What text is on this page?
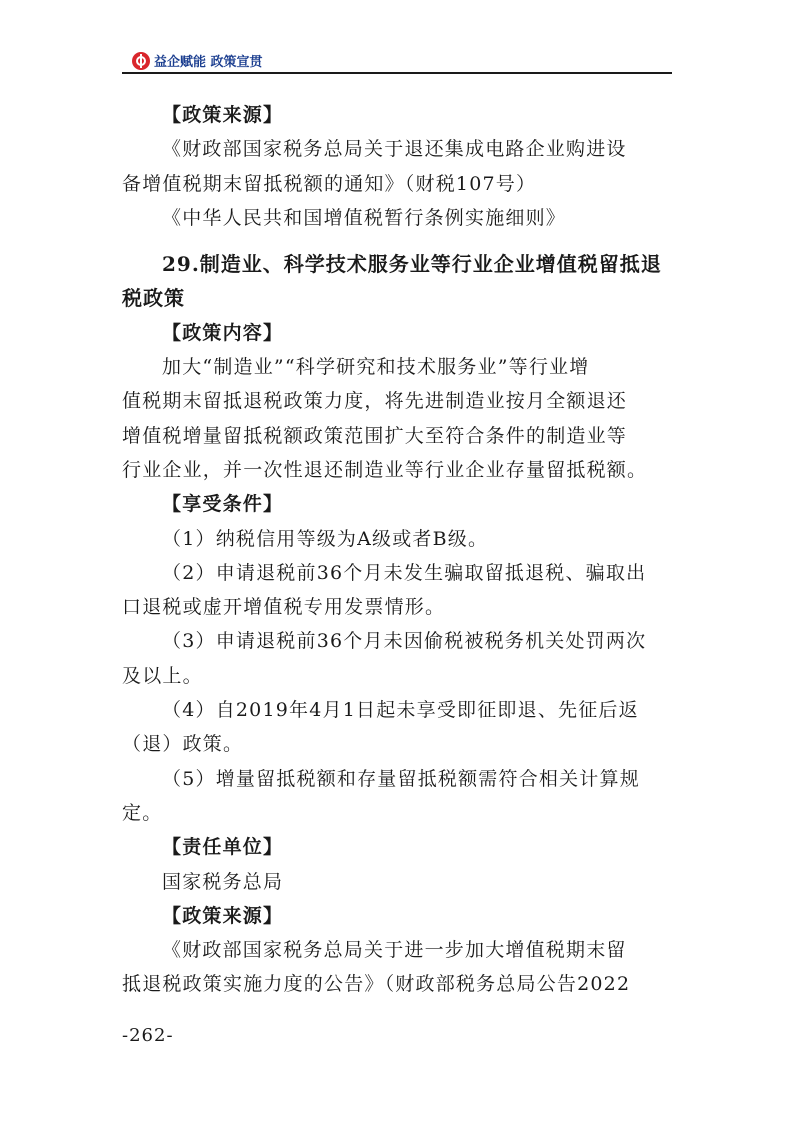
益企赋能 政策宣贯
【政策来源】
《财政部国家税务总局关于退还集成电路企业购进设
备增值税期末留抵税额的通知》（财税107号）
《中华人民共和国增值税暂行条例实施细则》
29.制造业、科学技术服务业等行业企业增值税留抵退
税政策
【政策内容】
加大“制造业”“科学研究和技术服务业”等行业增
值税期末留抵退税政策力度，将先进制造业按月全额退还
增值税增量留抵税额政策范围扩大至符合条件的制造业等
行业企业，并一次性退还制造业等行业企业存量留抵税额。
【享受条件】
（1）纳税信用等级为A级或者B级。
（2）申请退税前36个月未发生骗取留抵退税、骗取出
口退税或虚开增值税专用发票情形。
（3）申请退税前36个月未因偷税被税务机关处罚两次
及以上。
（4）自2019年4月1日起未享受即征即退、先征后返
（退）政策。
（5）增量留抵税额和存量留抵税额需符合相关计算规
定。
【责任单位】
国家税务总局
【政策来源】
《财政部国家税务总局关于进一步加大增值税期末留
抵退税政策实施力度的公告》（财政部税务总局公告2022
-262-
